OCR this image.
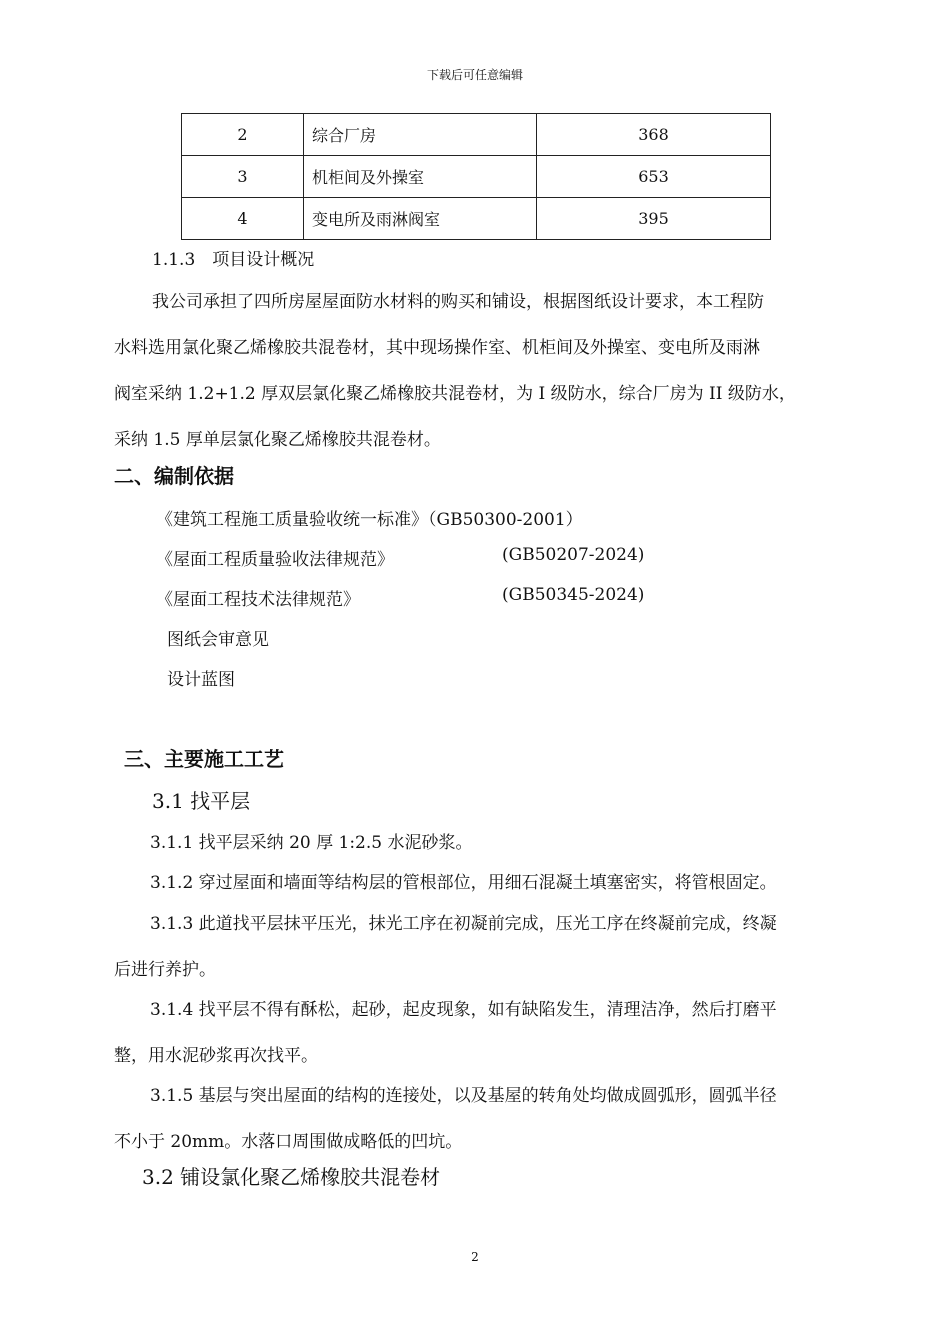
下载后可任意编辑
2	综合厂房	368
3	机柜间及外操室	653
4	变电所及雨淋阀室	395
1.1.3　项目设计概况
我公司承担了四所房屋屋面防水材料的购买和铺设，根据图纸设计要求，本工程防
水料选用氯化聚乙烯橡胶共混卷材，其中现场操作室、机柜间及外操室、变电所及雨淋
阀室采纳 1.2+1.2 厚双层氯化聚乙烯橡胶共混卷材，为 I 级防水，综合厂房为 II 级防水，
采纳 1.5 厚单层氯化聚乙烯橡胶共混卷材。
二、编制依据
《建筑工程施工质量验收统一标准》（GB50300-2001）
《屋面工程质量验收法律规范》	(GB50207-2024)
《屋面工程技术法律规范》	(GB50345-2024)
图纸会审意见
设计蓝图
三、主要施工工艺
3.1 找平层
3.1.1 找平层采纳 20 厚 1:2.5 水泥砂浆。
3.1.2 穿过屋面和墙面等结构层的管根部位，用细石混凝土填塞密实，将管根固定。
3.1.3 此道找平层抹平压光，抹光工序在初凝前完成，压光工序在终凝前完成，终凝
后进行养护。
3.1.4 找平层不得有酥松，起砂，起皮现象，如有缺陷发生，清理洁净，然后打磨平
整，用水泥砂浆再次找平。
3.1.5 基层与突出屋面的结构的连接处，以及基屋的转角处均做成圆弧形，圆弧半径
不小于 20mm。水落口周围做成略低的凹坑。
3.2 铺设氯化聚乙烯橡胶共混卷材
2
